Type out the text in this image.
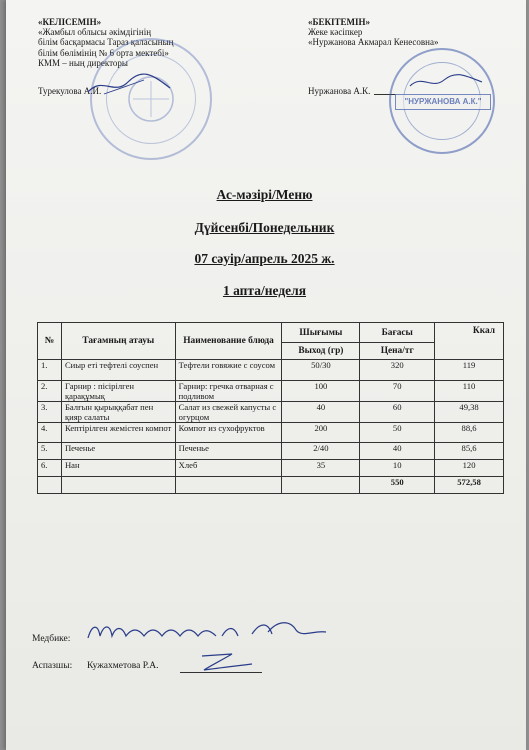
«КЕЛІСЕМІН»
«Жамбыл облысы әкімдігінің
білім басқармасы Тараз қаласының
білім бөлімінің № 6 орта мектебі»
КММ – ның директоры
Турекулова А.И.
«БЕКІТЕМІН»
Жеке кәсіпкер
«Нуржанова Акмарал Кенесовна»
Нуржанова А.К.
"НУРЖАНОВА А.К."
Ас-мәзірі/Меню
Дүйсенбі/Понедельник
07 сәуір/апрель 2025 ж.
1 апта/неделя
№	Тағамның атауы	Наименование блюда	Шығымы	Бағасы	Ккал
			Выход (гр)	Цена/тг	
1.	Сиыр еті тефтелі соуспен	Тефтели говяжие с соусом	50/30	320	119
2.	Гарнир : пісірілген қарақұмық	Гарнир: гречка отварная с подливом	100	70	110
3.	Балғын қырыққабат пен қияр салаты	Салат из свежей капусты с огурцом	40	60	49,38
4.	Кептірілген жемістен компот	Компот из сухофруктов	200	50	88,6
5.	Печенье	Печенье	2/40	40	85,6
6.	Нан	Хлеб	35	10	120
				550	572,58
Медбике:
Аспазшы: Кужахметова Р.А.
